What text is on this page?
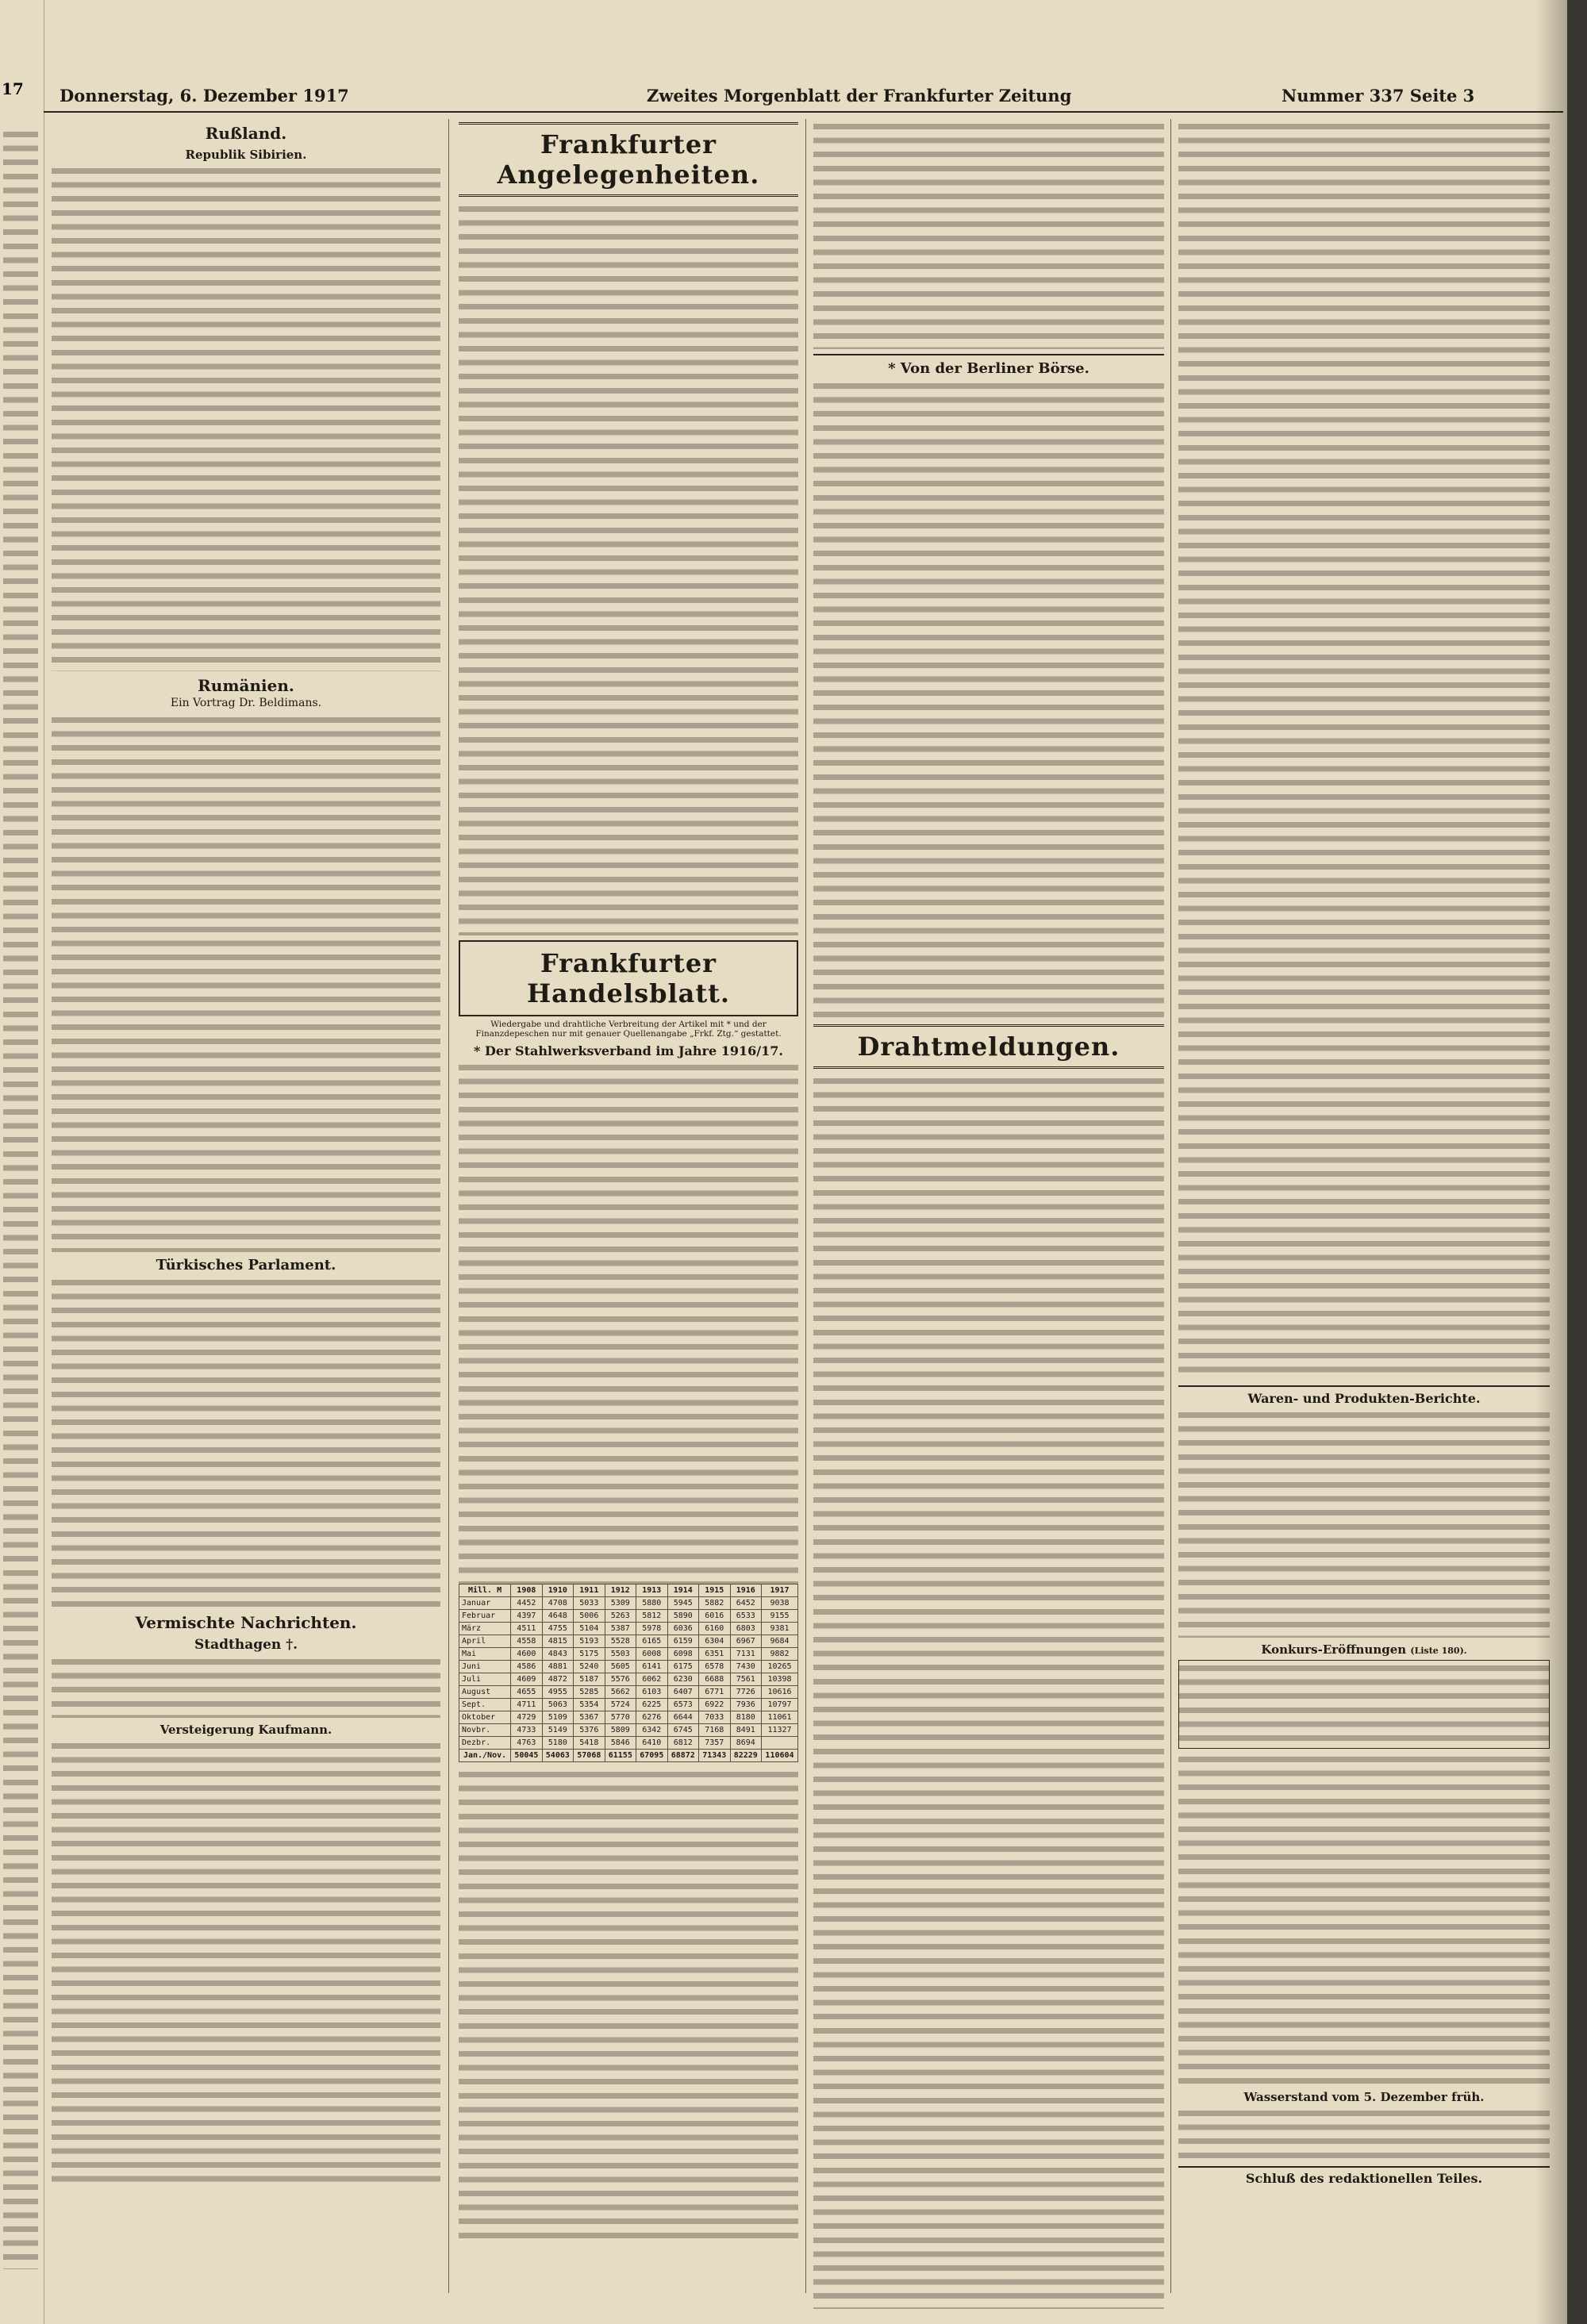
17 Donnerstag, 6. Dezember 1917	Zweites Morgenblatt der Frankfurter Zeitung	Nummer 337 Seite 3
Rußland.
Republik Sibirien.
Rumänien.
Ein Vortrag Dr. Beldimans.
Türkisches Parlament.
Vermischte Nachrichten.
Stadthagen †.
Versteigerung Kaufmann.
Frankfurter Angelegenheiten.
Frankfurter Handelsblatt.
Wiedergabe und drahtliche Verbreitung der Artikel mit * und der Finanzdepeschen nur mit genauer Quellenangabe „Frkf. Ztg.“ gestattet.
* Der Stahlwerksverband im Jahre 1916/17.
Mill. M	1908	1910	1911	1912	1913	1914	1915	1916	1917
Januar	4452	4708	5033	5309	5880	5945	5882	6452	9038
Februar	4397	4648	5006	5263	5812	5890	6016	6533	9155
März	4511	4755	5104	5387	5978	6036	6160	6803	9381
April	4558	4815	5193	5528	6165	6159	6304	6967	9684
Mai	4600	4843	5175	5503	6008	6098	6351	7131	9882
Juni	4586	4881	5240	5605	6141	6175	6578	7430	10265
Juli	4609	4872	5187	5576	6062	6230	6688	7561	10398
August	4655	4955	5285	5662	6103	6407	6771	7726	10616
Sept.	4711	5063	5354	5724	6225	6573	6922	7936	10797
Oktober	4729	5109	5367	5770	6276	6644	7033	8180	11061
Novbr.	4733	5149	5376	5809	6342	6745	7168	8491	11327
Dezbr.	4763	5180	5418	5846	6410	6812	7357	8694	
Jan./Nov.	50045	54063	57068	61155	67095	68872	71343	82229	110604
* Von der Berliner Börse.
Drahtmeldungen.
Waren- und Produkten-Berichte.
Konkurs-Eröffnungen (Liste 180).
Wasserstand vom 5. Dezember früh.
Schluß des redaktionellen Teiles.
